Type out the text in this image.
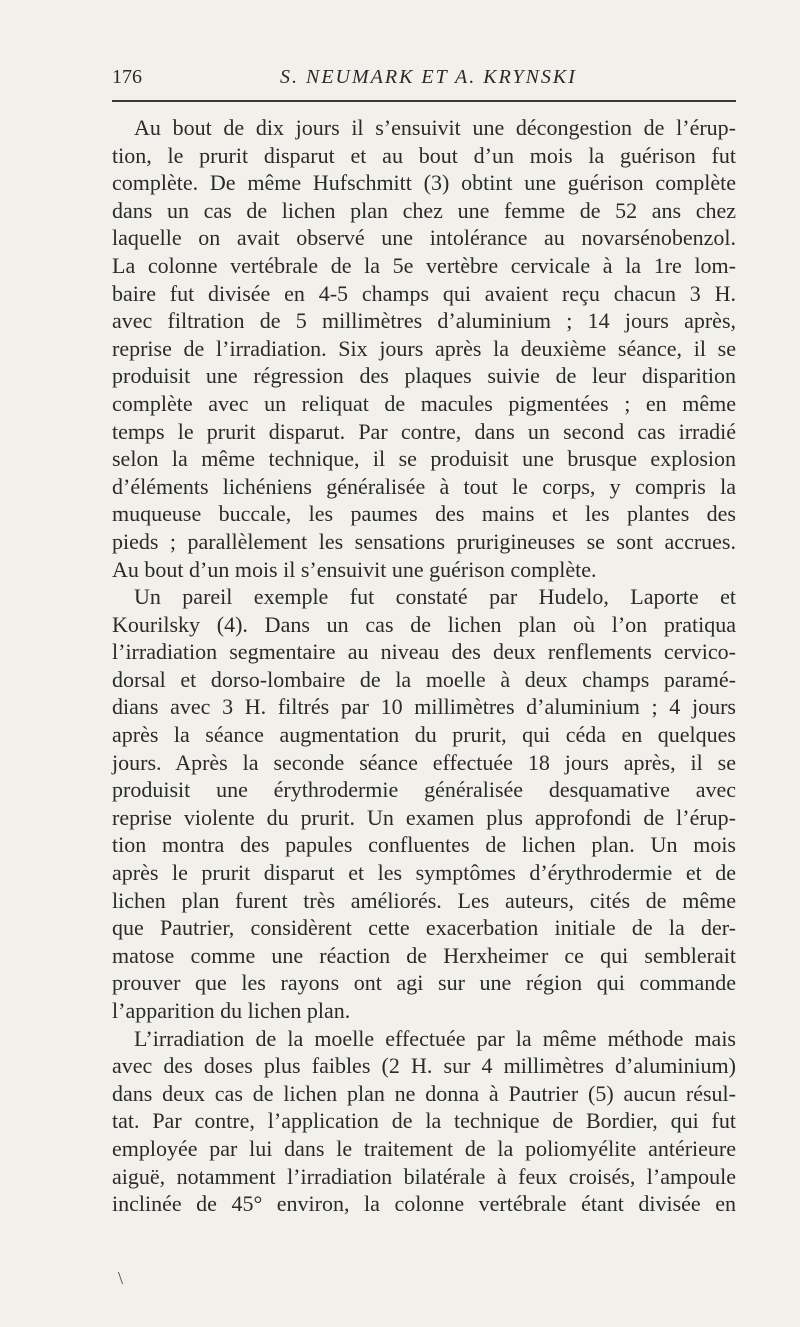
176	S. NEUMARK ET A. KRYNSKI
Au bout de dix jours il s’ensuivit une décongestion de l’érup-
tion, le prurit disparut et au bout d’un mois la guérison fut
complète. De même Hufschmitt (3) obtint une guérison complète
dans un cas de lichen plan chez une femme de 52 ans chez
laquelle on avait observé une intolérance au novarsénobenzol.
La colonne vertébrale de la 5e vertèbre cervicale à la 1re lom-
baire fut divisée en 4-5 champs qui avaient reçu chacun 3 H.
avec filtration de 5 millimètres d’aluminium ; 14 jours après,
reprise de l’irradiation. Six jours après la deuxième séance, il se
produisit une régression des plaques suivie de leur disparition
complète avec un reliquat de macules pigmentées ; en même
temps le prurit disparut. Par contre, dans un second cas irradié
selon la même technique, il se produisit une brusque explosion
d’éléments lichéniens généralisée à tout le corps, y compris la
muqueuse buccale, les paumes des mains et les plantes des
pieds ; parallèlement les sensations prurigineuses se sont accrues.
Au bout d’un mois il s’ensuivit une guérison complète.
Un pareil exemple fut constaté par Hudelo, Laporte et
Kourilsky (4). Dans un cas de lichen plan où l’on pratiqua
l’irradiation segmentaire au niveau des deux renflements cervico-
dorsal et dorso-lombaire de la moelle à deux champs paramé-
dians avec 3 H. filtrés par 10 millimètres d’aluminium ; 4 jours
après la séance augmentation du prurit, qui céda en quelques
jours. Après la seconde séance effectuée 18 jours après, il se
produisit une érythrodermie généralisée desquamative avec
reprise violente du prurit. Un examen plus approfondi de l’érup-
tion montra des papules confluentes de lichen plan. Un mois
après le prurit disparut et les symptômes d’érythrodermie et de
lichen plan furent très améliorés. Les auteurs, cités de même
que Pautrier, considèrent cette exacerbation initiale de la der-
matose comme une réaction de Herxheimer ce qui semblerait
prouver que les rayons ont agi sur une région qui commande
l’apparition du lichen plan.
L’irradiation de la moelle effectuée par la même méthode mais
avec des doses plus faibles (2 H. sur 4 millimètres d’aluminium)
dans deux cas de lichen plan ne donna à Pautrier (5) aucun résul-
tat. Par contre, l’application de la technique de Bordier, qui fut
employée par lui dans le traitement de la poliomyélite antérieure
aiguë, notamment l’irradiation bilatérale à feux croisés, l’ampoule
inclinée de 45° environ, la colonne vertébrale étant divisée en
\
